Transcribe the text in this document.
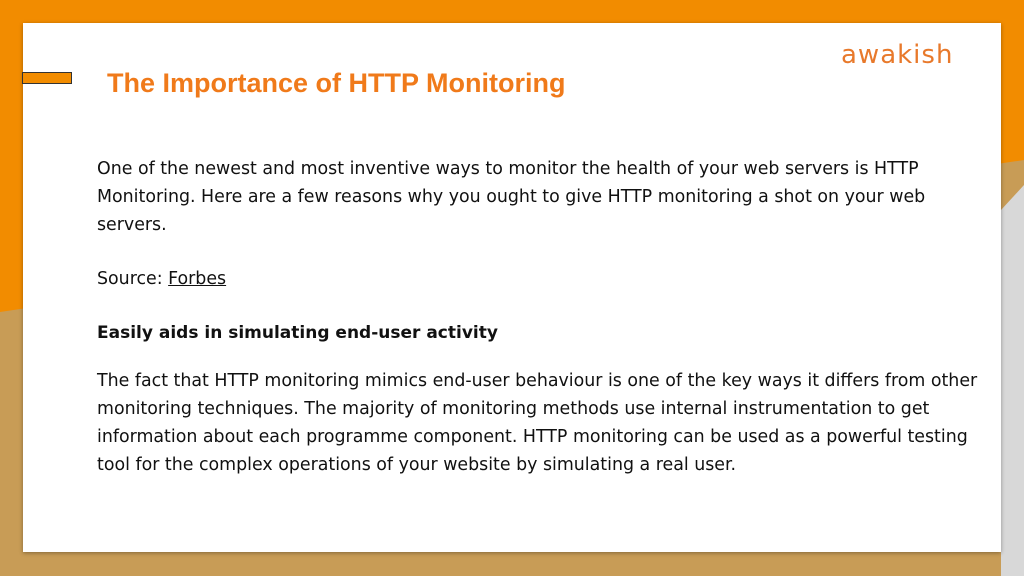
awakish
The Importance of HTTP Monitoring
One of the newest and most inventive ways to monitor the health of your web servers is HTTP Monitoring. Here are a few reasons why you ought to give HTTP monitoring a shot on your web servers.
Source: Forbes
Easily aids in simulating end-user activity
The fact that HTTP monitoring mimics end-user behaviour is one of the key ways it differs from other monitoring techniques. The majority of monitoring methods use internal instrumentation to get information about each programme component. HTTP monitoring can be used as a powerful testing tool for the complex operations of your website by simulating a real user.
